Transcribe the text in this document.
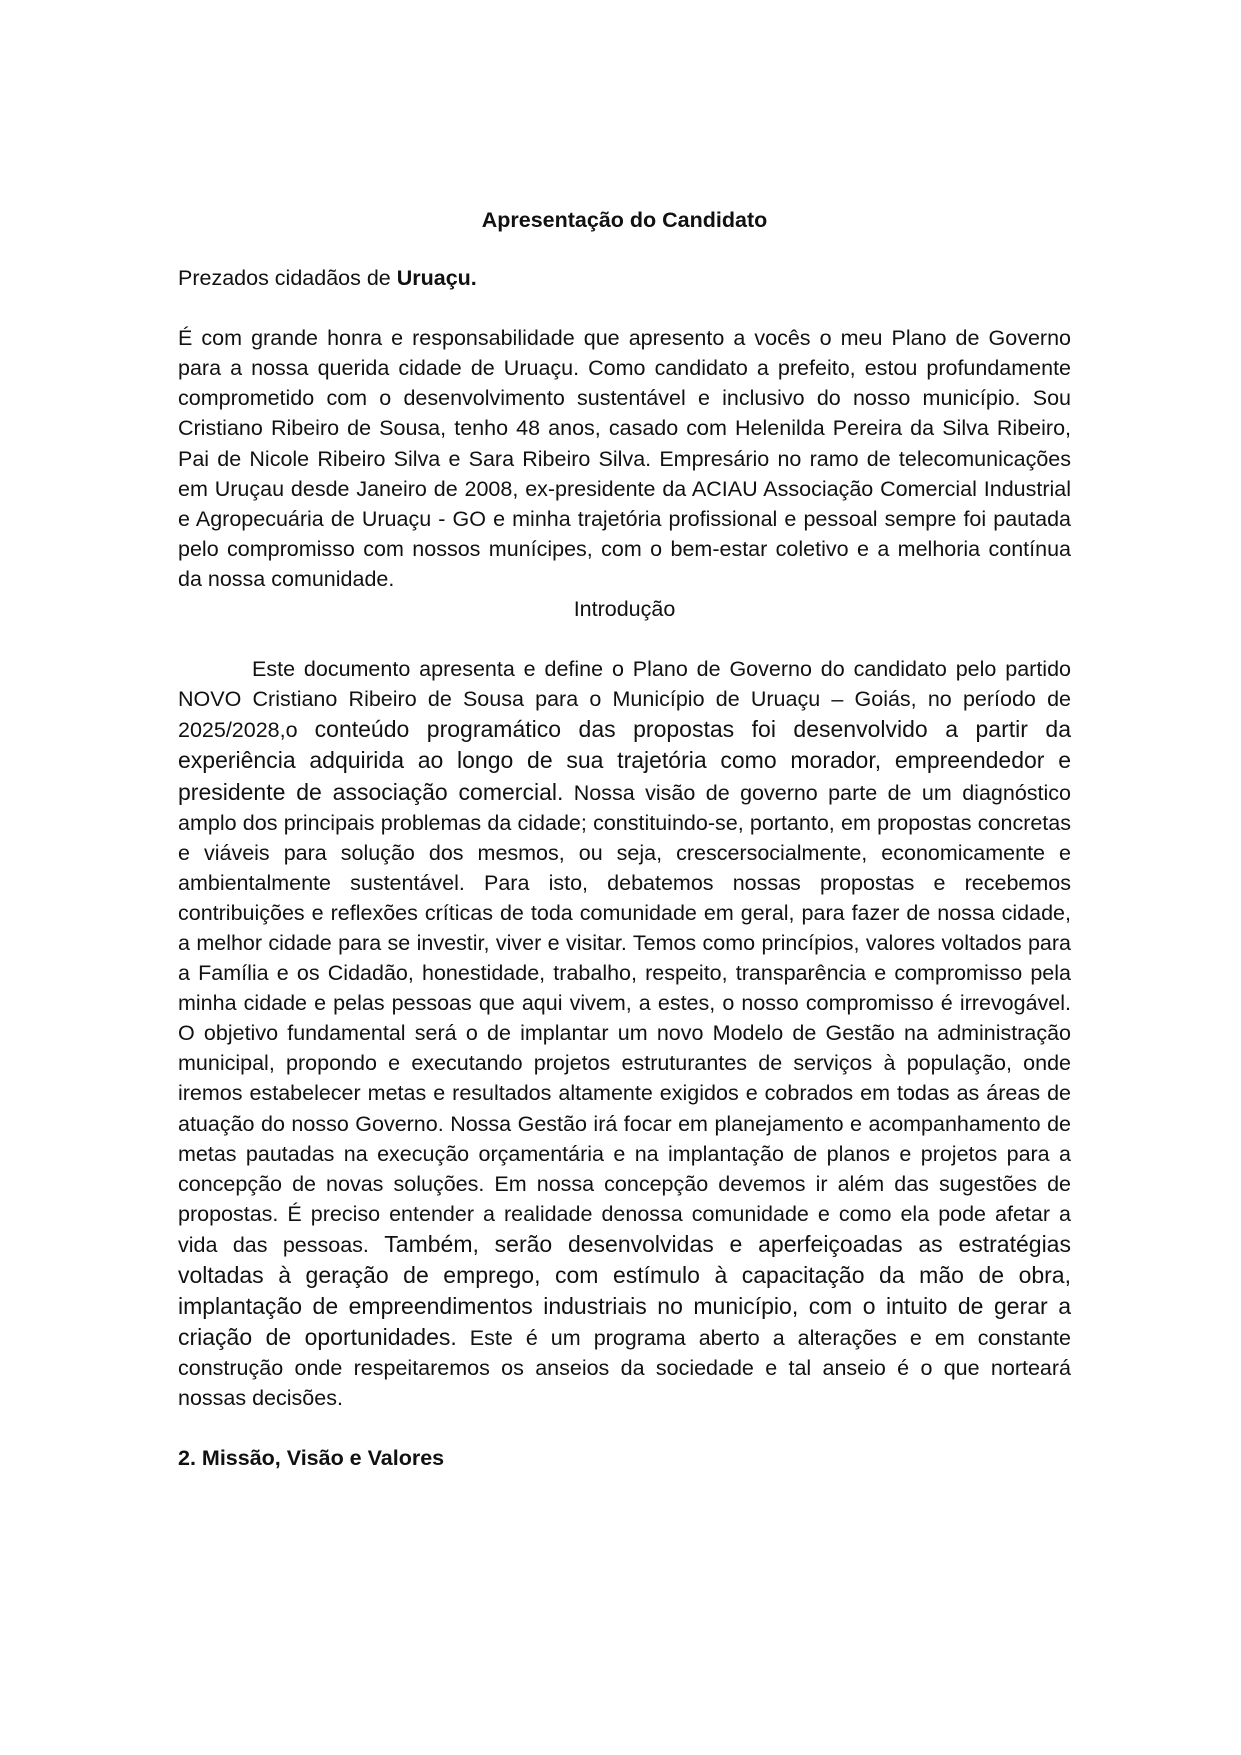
Apresentação do Candidato

Prezados cidadãos de Uruaçu.

É com grande honra e responsabilidade que apresento a vocês o meu Plano de Governo para a nossa querida cidade de Uruaçu. Como candidato a prefeito, estou profundamente comprometido com o desenvolvimento sustentável e inclusivo do nosso município. Sou Cristiano Ribeiro de Sousa, tenho 48 anos, casado com Helenilda Pereira da Silva Ribeiro, Pai de Nicole Ribeiro Silva e Sara Ribeiro Silva. Empresário no ramo de telecomunicações em Uruçau desde Janeiro de 2008, ex-presidente da ACIAU Associação Comercial Industrial e Agropecuária de Uruaçu - GO e minha trajetória profissional e pessoal sempre foi pautada pelo compromisso com nossos munícipes, com o bem-estar coletivo e a melhoria contínua da nossa comunidade.

Introdução

Este documento apresenta e define o Plano de Governo do candidato pelo partido NOVO Cristiano Ribeiro de Sousa para o Município de Uruaçu – Goiás, no período de 2025/2028,o conteúdo programático das propostas foi desenvolvido a partir da experiência adquirida ao longo de sua trajetória como morador, empreendedor e presidente de associação comercial. Nossa visão de governo parte de um diagnóstico amplo dos principais problemas da cidade; constituindo-se, portanto, em propostas concretas e viáveis para solução dos mesmos, ou seja, crescersocialmente, economicamente e ambientalmente sustentável. Para isto, debatemos nossas propostas e recebemos contribuições e reflexões críticas de toda comunidade em geral, para fazer de nossa cidade, a melhor cidade para se investir, viver e visitar. Temos como princípios, valores voltados para a Família e os Cidadão, honestidade, trabalho, respeito, transparência e compromisso pela minha cidade e pelas pessoas que aqui vivem, a estes, o nosso compromisso é irrevogável. O objetivo fundamental será o de implantar um novo Modelo de Gestão na administração municipal, propondo e executando projetos estruturantes de serviços à população, onde iremos estabelecer metas e resultados altamente exigidos e cobrados em todas as áreas de atuação do nosso Governo. Nossa Gestão irá focar em planejamento e acompanhamento de metas pautadas na execução orçamentária e na implantação de planos e projetos para a concepção de novas soluções. Em nossa concepção devemos ir além das sugestões de propostas. É preciso entender a realidade denossa comunidade e como ela pode afetar a vida das pessoas. Também, serão desenvolvidas e aperfeiçoadas as estratégias voltadas à geração de emprego, com estímulo à capacitação da mão de obra, implantação de empreendimentos industriais no município, com o intuito de gerar a criação de oportunidades. Este é um programa aberto a alterações e em constante construção onde respeitaremos os anseios da sociedade e tal anseio é o que norteará nossas decisões.

2. Missão, Visão e Valores
